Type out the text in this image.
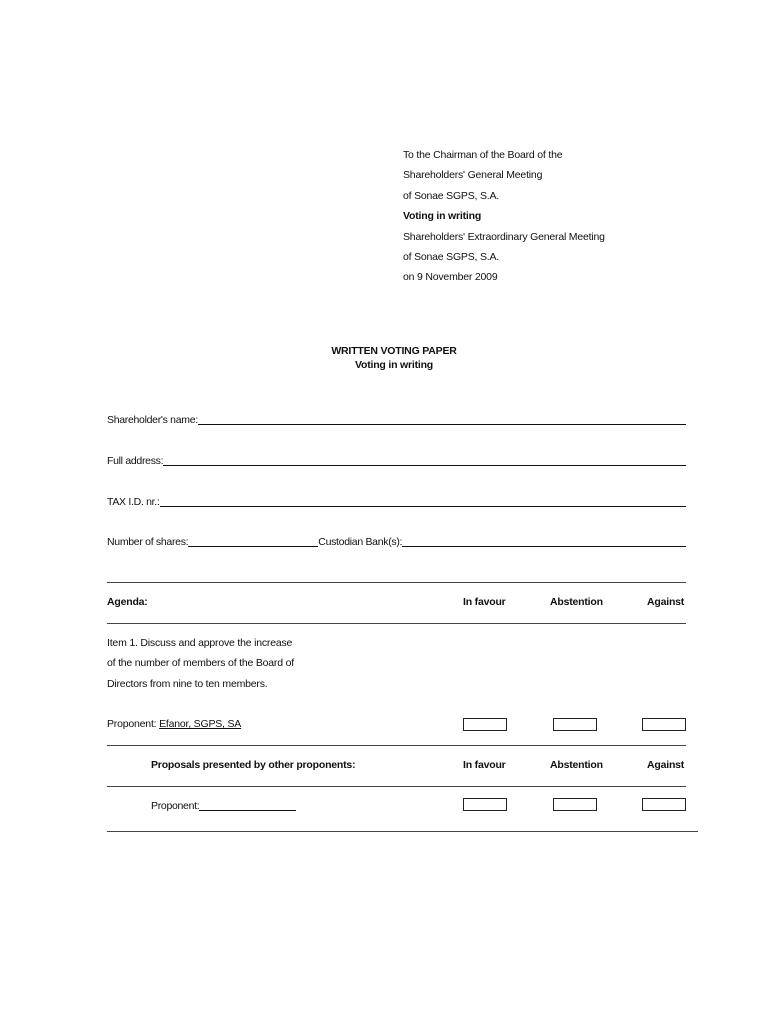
To the Chairman of the Board of the
Shareholders' General Meeting
of Sonae SGPS, S.A.
Voting in writing
Shareholders' Extraordinary General Meeting
of Sonae SGPS, S.A.
on 9 November 2009
WRITTEN VOTING PAPER
Voting in writing
Shareholder's name:
Full address:
TAX I.D. nr.:
Number of shares:	Custodian Bank(s):
Agenda:	In favour	Abstention	Against
Item 1. Discuss and approve the increase
of the number of members of the Board of
Directors from nine to ten members.
Proponent: Efanor, SGPS, SA
Proposals presented by other proponents:	In favour	Abstention	Against
Proponent:
